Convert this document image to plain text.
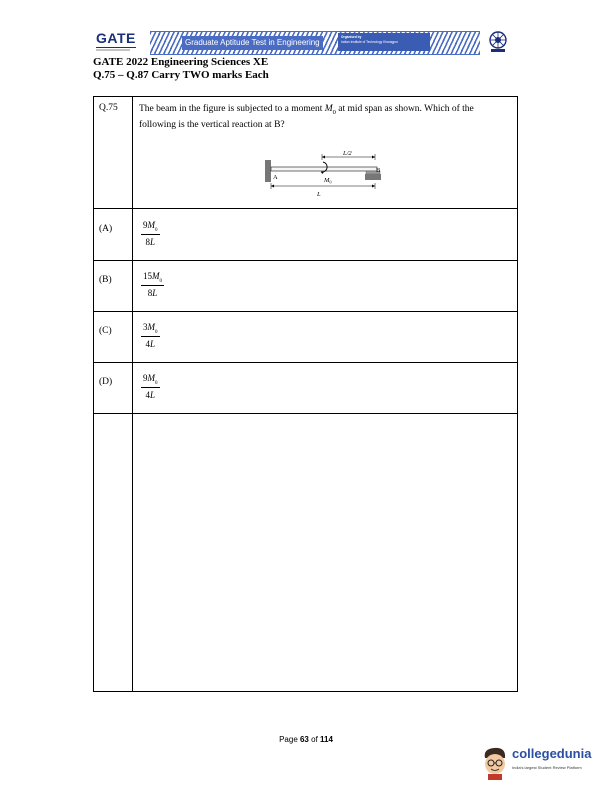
GATE	Graduate Aptitude Test in Engineering
Organised by
Indian Institute of Technology Kharagpur
GATE 2022 Engineering Sciences XE
Q.75 – Q.87 Carry TWO marks Each
Q.75 The beam in the figure is subjected to a moment $M_0$ at mid span as shown. Which of the following is the vertical reaction at B?
A
B
L/2
M 0
L
(A)	$\frac{9M_0}{8L}$
(B)	$\frac{15M_0}{8L}$
(C)	$\frac{3M_0}{4L}$
(D)	$\frac{9M_0}{4L}$
Page 63 of 114
collegedunia
India's largest Student Review Platform
